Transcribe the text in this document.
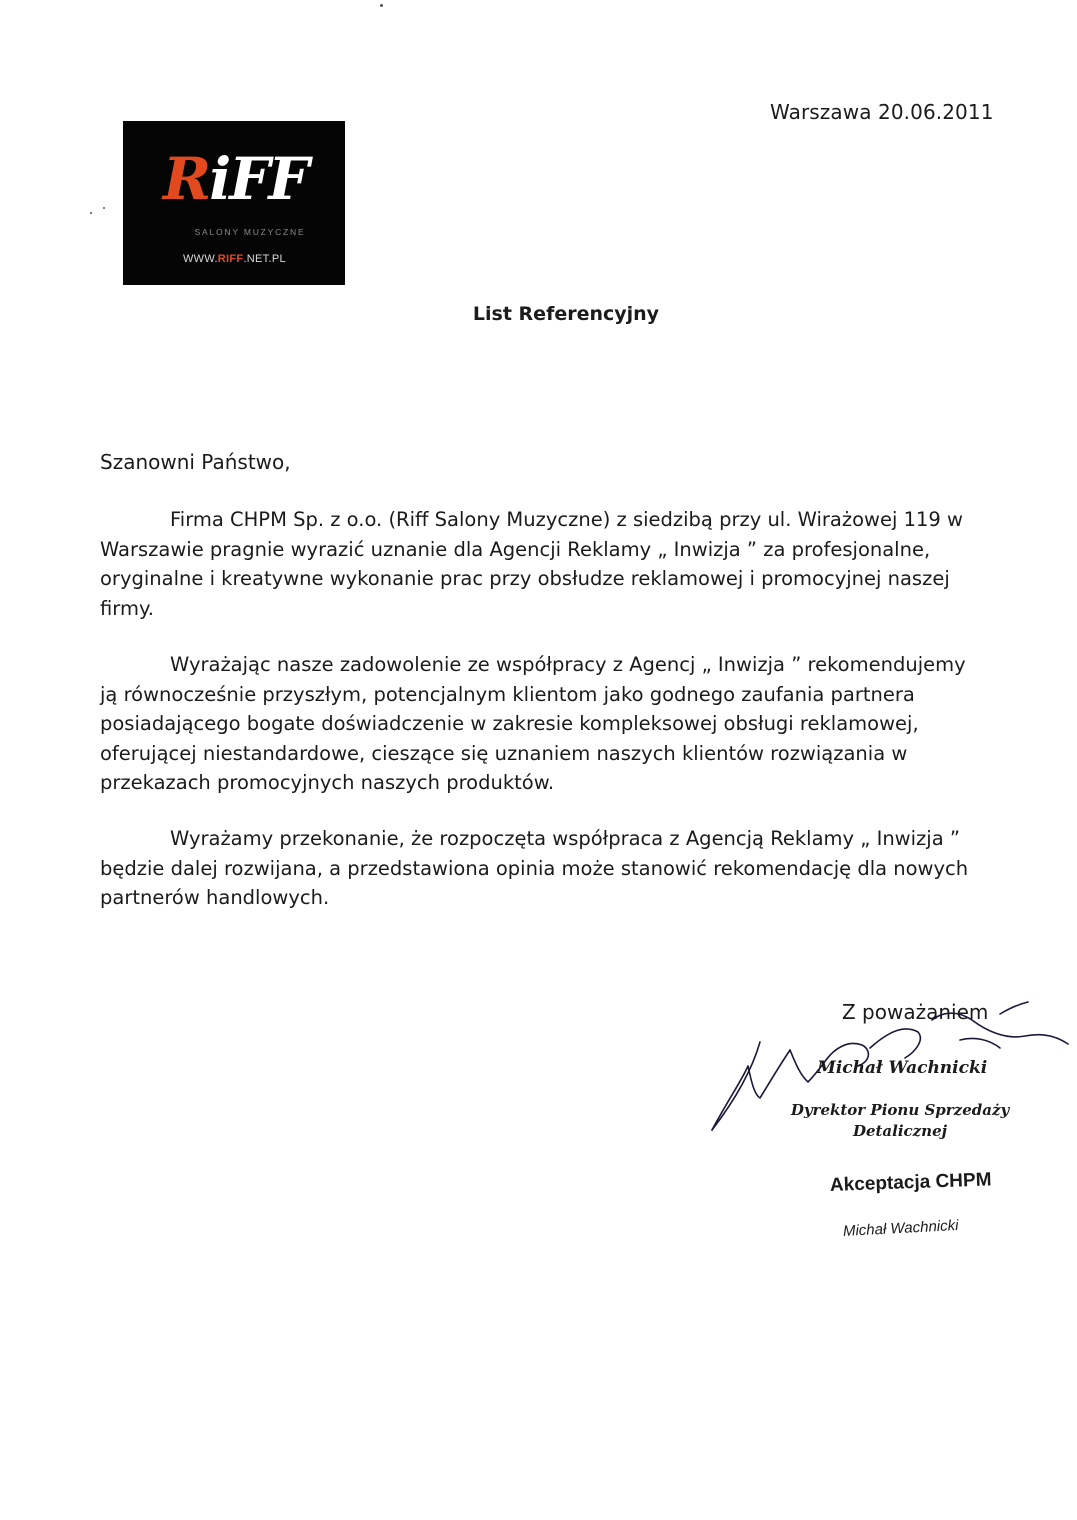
Warszawa 20.06.2011
RiFF
SALONY MUZYCZNE
WWW.RIFF.NET.PL
List Referencyjny
Szanowni Państwo,

Firma CHPM Sp. z o.o. (Riff Salony Muzyczne) z siedzibą przy ul. Wirażowej 119 w Warszawie pragnie wyrazić uznanie dla Agencji Reklamy „ Inwizja ” za profesjonalne, oryginalne i kreatywne wykonanie prac przy obsłudze reklamowej i promocyjnej naszej firmy.

Wyrażając nasze zadowolenie ze współpracy z Agencj „ Inwizja ” rekomendujemy ją równocześnie przyszłym, potencjalnym klientom jako godnego zaufania partnera posiadającego bogate doświadczenie w zakresie kompleksowej obsługi reklamowej, oferującej niestandardowe, cieszące się uznaniem naszych klientów rozwiązania w przekazach promocyjnych naszych produktów.

Wyrażamy przekonanie, że rozpoczęta współpraca z Agencją Reklamy „ Inwizja ” będzie dalej rozwijana, a przedstawiona opinia może stanowić rekomendację dla nowych partnerów handlowych.

Z poważaniem
Michał Wachnicki
Dyrektor Pionu Sprzedaży Detalicznej
Akceptacja CHPM
Michał Wachnicki
